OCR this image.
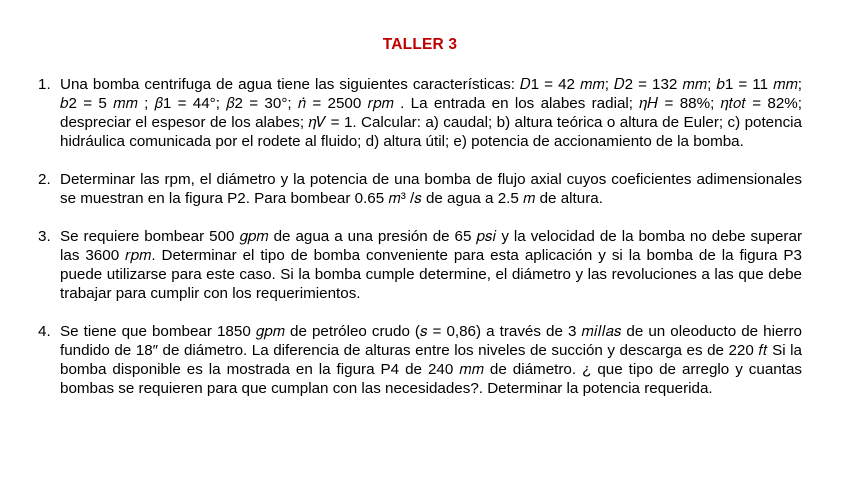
TALLER 3
1. Una bomba centrifuga de agua tiene las siguientes características: 𝐷1 = 42 𝑚𝑚; 𝐷2 = 132 𝑚𝑚; 𝑏1 = 11 𝑚𝑚; 𝑏2 = 5 𝑚𝑚 ; 𝛽1 = 44°; 𝛽2 = 30°; 𝑛̇ = 2500 𝑟𝑝𝑚 . La entrada en los alabes radial; 𝜂𝐻 = 88%; 𝜂𝑡𝑜𝑡 = 82%; despreciar el espesor de los alabes; 𝜂𝑉 = 1. Calcular: a) caudal; b) altura teórica o altura de Euler; c) potencia hidráulica comunicada por el rodete al fluido; d) altura útil; e) potencia de accionamiento de la bomba.
2. Determinar las rpm, el diámetro y la potencia de una bomba de flujo axial cuyos coeficientes adimensionales se muestran en la figura P2. Para bombear 0.65 𝑚³ /𝑠 de agua a 2.5 𝑚 de altura.
3. Se requiere bombear 500 𝑔𝑝𝑚 de agua a una presión de 65 𝑝𝑠𝑖 y la velocidad de la bomba no debe superar las 3600 𝑟𝑝𝑚. Determinar el tipo de bomba conveniente para esta aplicación y si la bomba de la figura P3 puede utilizarse para este caso. Si la bomba cumple determine, el diámetro y las revoluciones a las que debe trabajar para cumplir con los requerimientos.
4. Se tiene que bombear 1850 𝑔𝑝𝑚 de petróleo crudo (𝑠 = 0,86) a través de 3 𝑚𝑖𝑙𝑙𝑎𝑠 de un oleoducto de hierro fundido de 18″ de diámetro. La diferencia de alturas entre los niveles de succión y descarga es de 220 𝑓𝑡 Si la bomba disponible es la mostrada en la figura P4 de 240 𝑚𝑚 de diámetro. ¿ que tipo de arreglo y cuantas bombas se requieren para que cumplan con las necesidades?. Determinar la potencia requerida.
